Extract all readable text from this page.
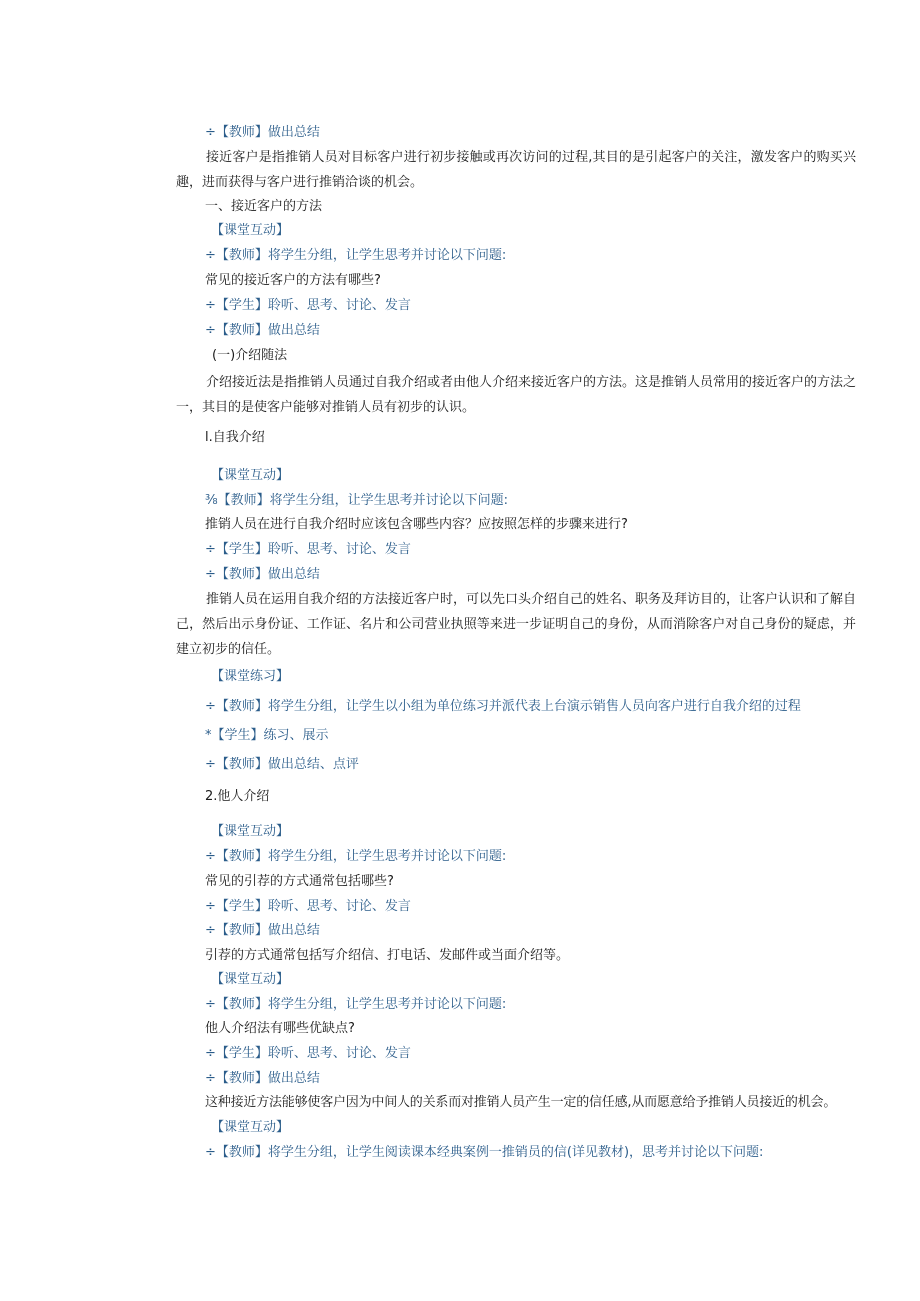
÷【教师】做出总结

接近客户是指推销人员对目标客户进行初步接触或再次访问的过程,其目的是引起客户的关注，激发客户的购买兴趣，进而获得与客户进行推销洽谈的机会。

一、接近客户的方法

【课堂互动】

÷【教师】将学生分组，让学生思考并讨论以下问题:

常见的接近客户的方法有哪些?

÷【学生】聆听、思考、讨论、发言

÷【教师】做出总结

(一)介绍随法

介绍接近法是指推销人员通过自我介绍或者由他人介绍来接近客户的方法。这是推销人员常用的接近客户的方法之一，其目的是使客户能够对推销人员有初步的认识。

l.自我介绍

【课堂互动】

⅜【教师】将学生分组，让学生思考并讨论以下问题:

推销人员在进行自我介绍时应该包含哪些内容？应按照怎样的步骤来进行?

÷【学生】聆听、思考、讨论、发言

÷【教师】做出总结

推销人员在运用自我介绍的方法接近客户时，可以先口头介绍自己的姓名、职务及拜访目的，让客户认识和了解自己，然后出示身份证、工作证、名片和公司营业执照等来进一步证明自己的身份，从而消除客户对自己身份的疑虑，并建立初步的信任。

【课堂练习】

÷【教师】将学生分组，让学生以小组为单位练习并派代表上台演示销售人员向客户进行自我介绍的过程

*【学生】练习、展示

÷【教师】做出总结、点评

2.他人介绍

【课堂互动】

÷【教师】将学生分组，让学生思考并讨论以下问题:

常见的引荐的方式通常包括哪些?

÷【学生】聆听、思考、讨论、发言

÷【教师】做出总结

引荐的方式通常包括写介绍信、打电话、发邮件或当面介绍等。

【课堂互动】

÷【教师】将学生分组，让学生思考并讨论以下问题:

他人介绍法有哪些优缺点?

÷【学生】聆听、思考、讨论、发言

÷【教师】做出总结

这种接近方法能够使客户因为中间人的关系而对推销人员产生一定的信任感,从而愿意给予推销人员接近的机会。

【课堂互动】

÷【教师】将学生分组，让学生阅读课本经典案例一推销员的信(详见教材)，思考并讨论以下问题:
